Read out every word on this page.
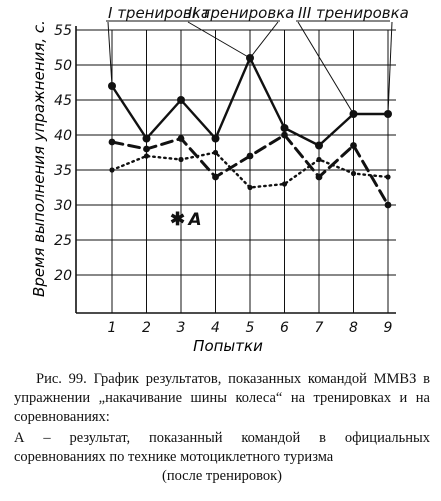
20
25
30
35
40
45
50
55
1 2 3 4 5 6 7 8 9
I тренировка
II тренировка III тренировка
Время выполнения упражнения, с.
Попытки
✱ A

Рис. 99. График результатов, показанных командой ММВЗ в упражнении „накачивание шины колеса“ на тренировках и на соревнованиях:

А – результат, показанный командой в официальных соревнованиях по технике мотоциклетного туризма

(после тренировок)
